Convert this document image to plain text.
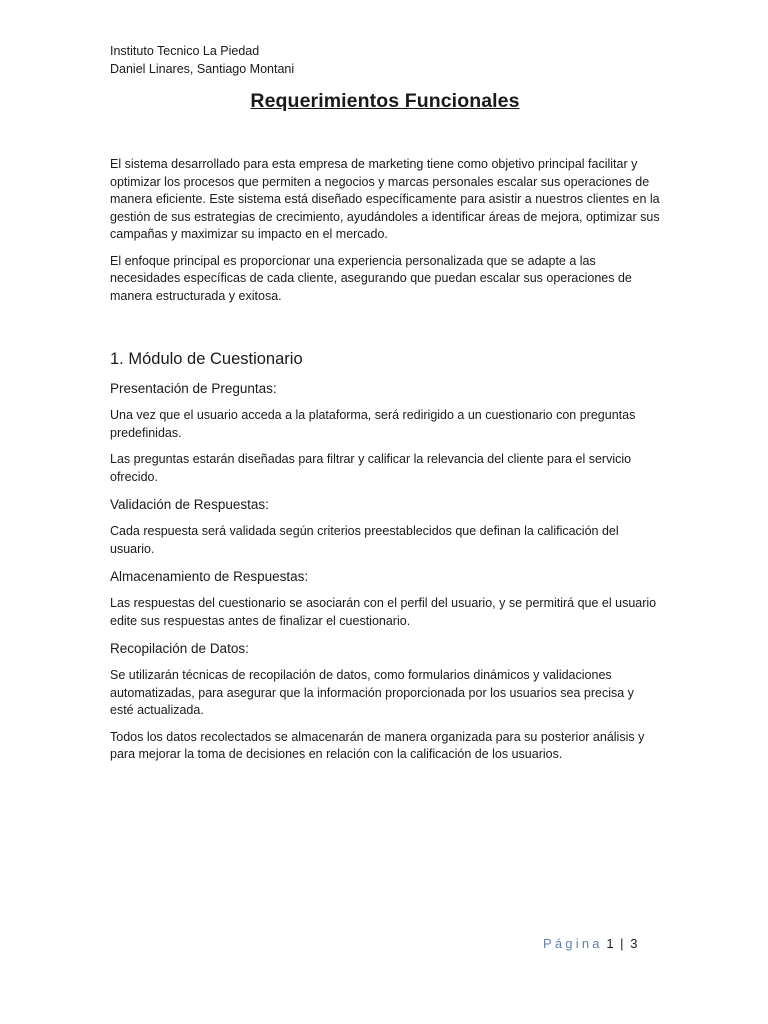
Instituto Tecnico La Piedad

Daniel Linares, Santiago Montani

Requerimientos Funcionales

El sistema desarrollado para esta empresa de marketing tiene como objetivo principal facilitar y optimizar los procesos que permiten a negocios y marcas personales escalar sus operaciones de manera eficiente. Este sistema está diseñado específicamente para asistir a nuestros clientes en la gestión de sus estrategias de crecimiento, ayudándoles a identificar áreas de mejora, optimizar sus campañas y maximizar su impacto en el mercado.

El enfoque principal es proporcionar una experiencia personalizada que se adapte a las necesidades específicas de cada cliente, asegurando que puedan escalar sus operaciones de manera estructurada y exitosa.

1. Módulo de Cuestionario
Presentación de Preguntas:

Una vez que el usuario acceda a la plataforma, será redirigido a un cuestionario con preguntas predefinidas.

Las preguntas estarán diseñadas para filtrar y calificar la relevancia del cliente para el servicio ofrecido.

Validación de Respuestas:

Cada respuesta será validada según criterios preestablecidos que definan la calificación del usuario.

Almacenamiento de Respuestas:

Las respuestas del cuestionario se asociarán con el perfil del usuario, y se permitirá que el usuario edite sus respuestas antes de finalizar el cuestionario.

Recopilación de Datos:

Se utilizarán técnicas de recopilación de datos, como formularios dinámicos y validaciones automatizadas, para asegurar que la información proporcionada por los usuarios sea precisa y esté actualizada.

Todos los datos recolectados se almacenarán de manera organizada para su posterior análisis y para mejorar la toma de decisiones en relación con la calificación de los usuarios.

Página 1 | 3
